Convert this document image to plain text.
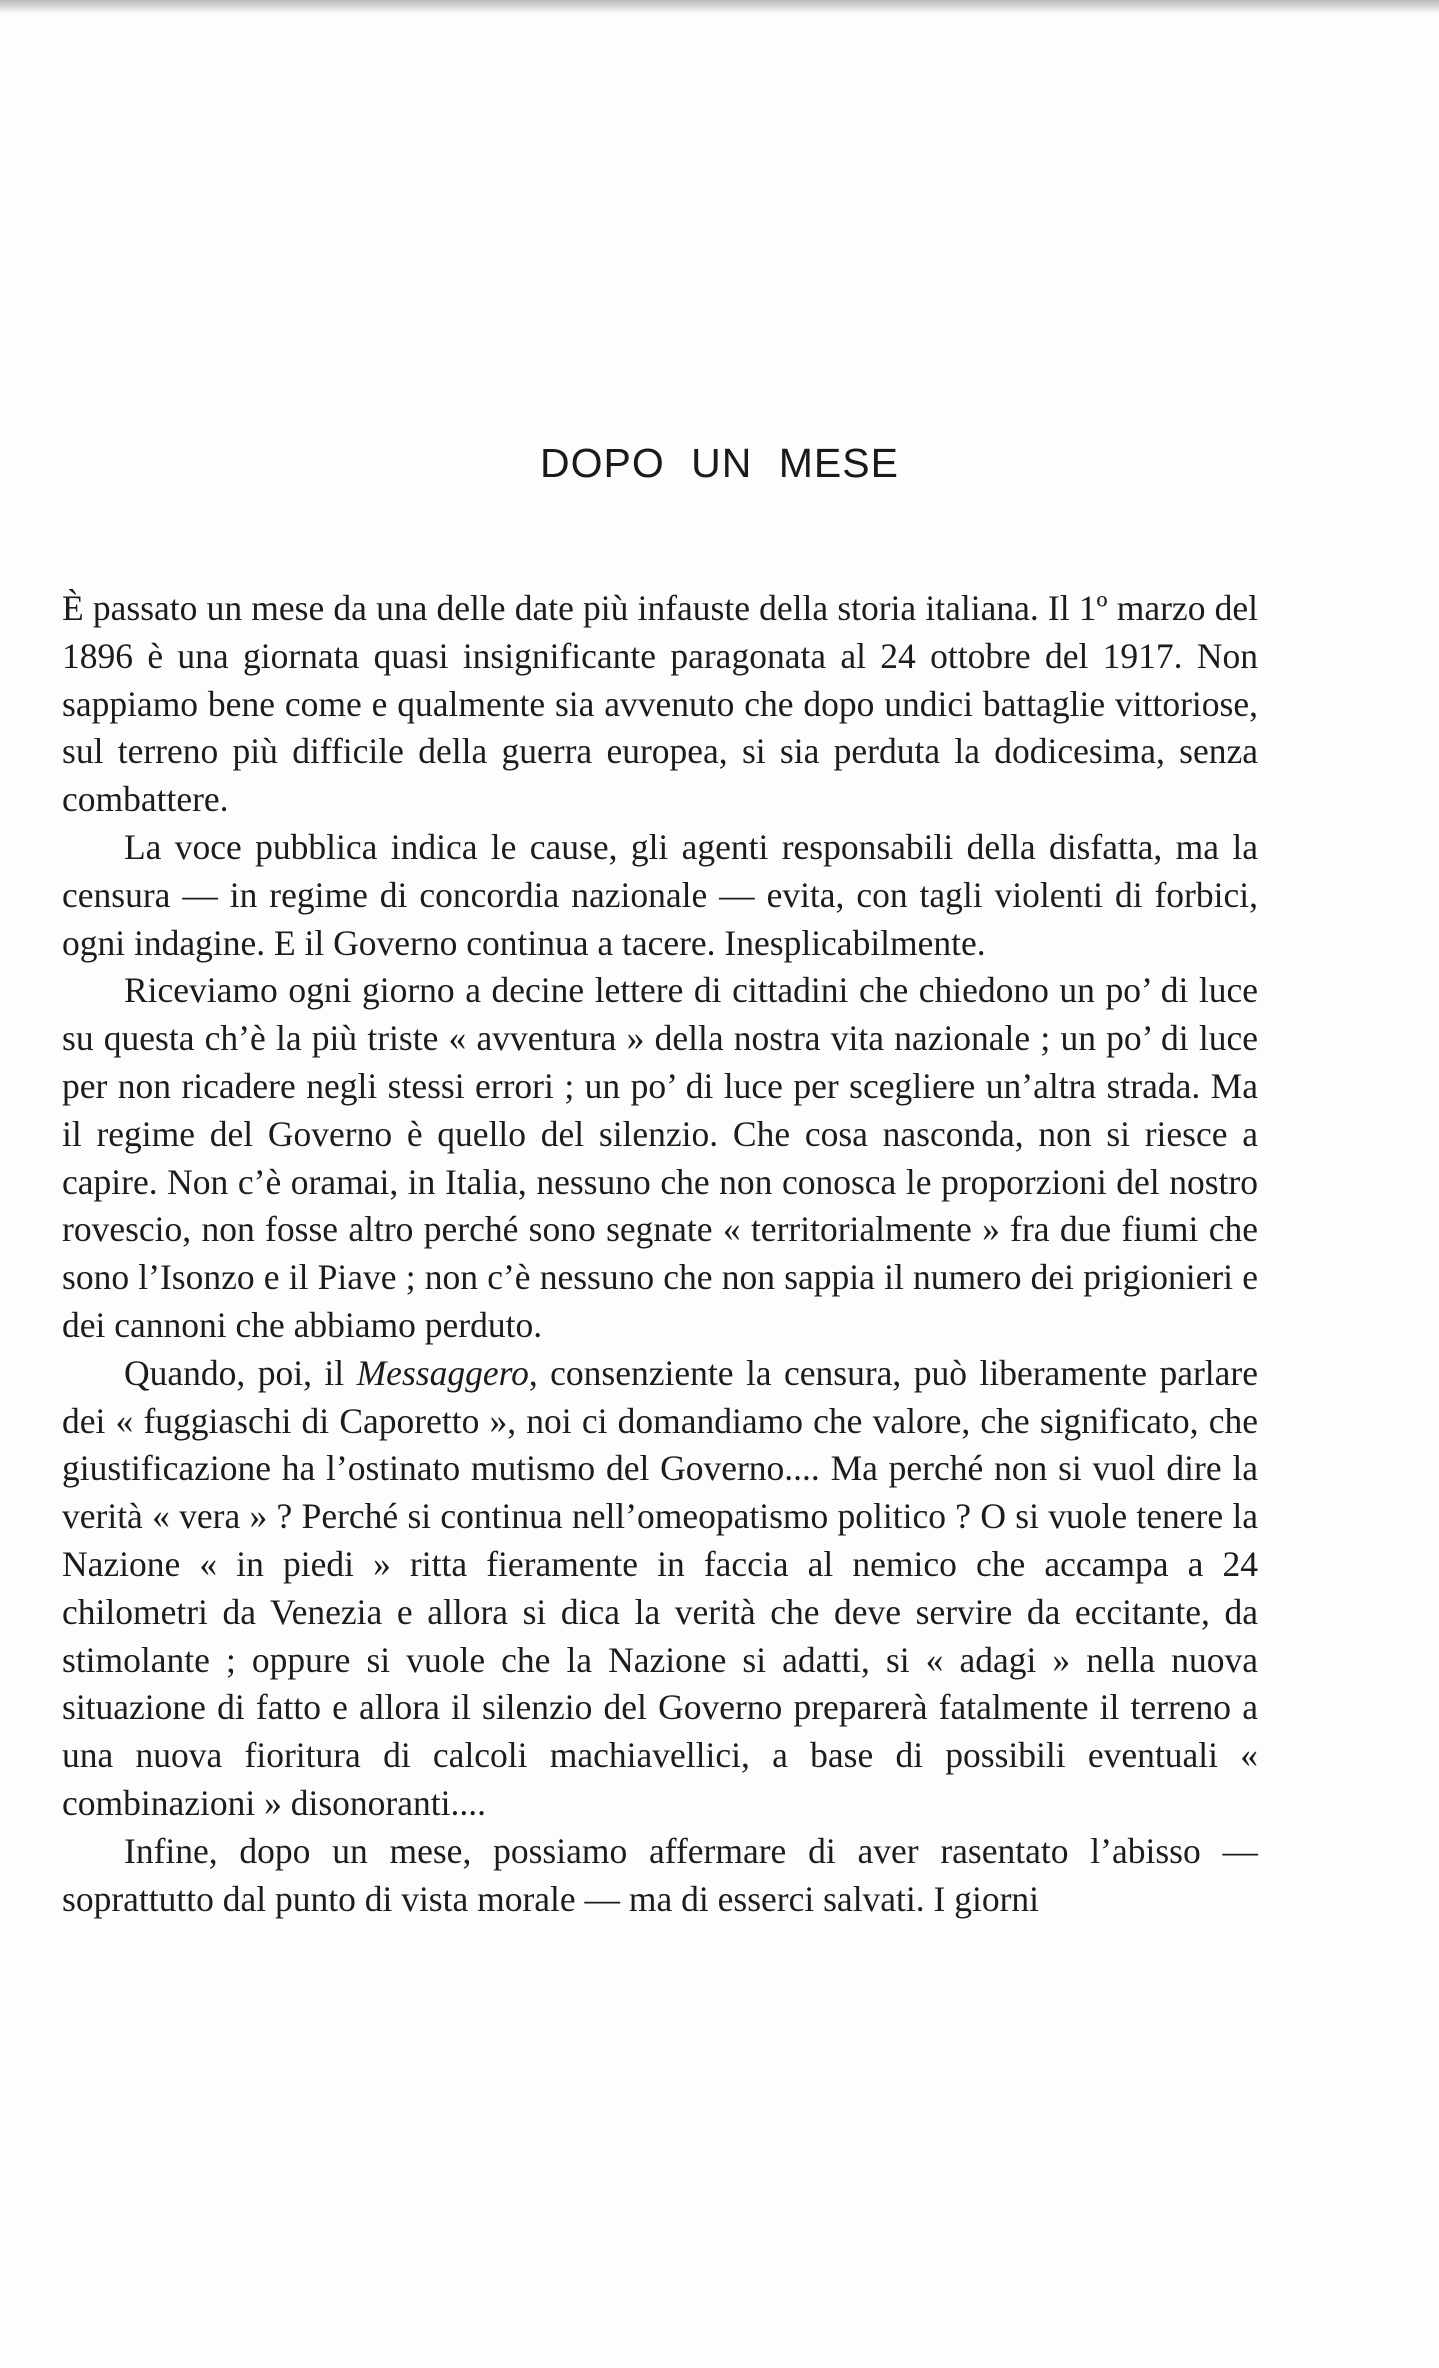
DOPO UN MESE

È passato un mese da una delle date più infauste della storia italiana. Il 1º marzo del 1896 è una giornata quasi insignificante paragonata al 24 ottobre del 1917. Non sappiamo bene come e qualmente sia avvenuto che dopo undici battaglie vittoriose, sul terreno più difficile della guerra europea, si sia perduta la dodicesima, senza combattere.

La voce pubblica indica le cause, gli agenti responsabili della disfatta, ma la censura — in regime di concordia nazionale — evita, con tagli violenti di forbici, ogni indagine. E il Governo continua a tacere. Inesplicabilmente.

Riceviamo ogni giorno a decine lettere di cittadini che chiedono un po’ di luce su questa ch’è la più triste « avventura » della nostra vita nazionale ; un po’ di luce per non ricadere negli stessi errori ; un po’ di luce per scegliere un’altra strada. Ma il regime del Governo è quello del silenzio. Che cosa nasconda, non si riesce a capire. Non c’è oramai, in Italia, nessuno che non conosca le proporzioni del nostro rovescio, non fosse altro perché sono segnate « territorialmente » fra due fiumi che sono l’Isonzo e il Piave ; non c’è nessuno che non sappia il numero dei prigionieri e dei cannoni che abbiamo perduto.

Quando, poi, il Messaggero, consenziente la censura, può liberamente parlare dei « fuggiaschi di Caporetto », noi ci domandiamo che valore, che significato, che giustificazione ha l’ostinato mutismo del Governo.... Ma perché non si vuol dire la verità « vera » ? Perché si continua nell’omeopatismo politico ? O si vuole tenere la Nazione « in piedi » ritta fieramente in faccia al nemico che accampa a 24 chilometri da Venezia e allora si dica la verità che deve servire da eccitante, da stimolante ; oppure si vuole che la Nazione si adatti, si « adagi » nella nuova situazione di fatto e allora il silenzio del Governo preparerà fatalmente il terreno a una nuova fioritura di calcoli machiavellici, a base di possibili eventuali « combinazioni » disonoranti....

Infine, dopo un mese, possiamo affermare di aver rasentato l’abisso — soprattutto dal punto di vista morale — ma di esserci salvati. I giorni
